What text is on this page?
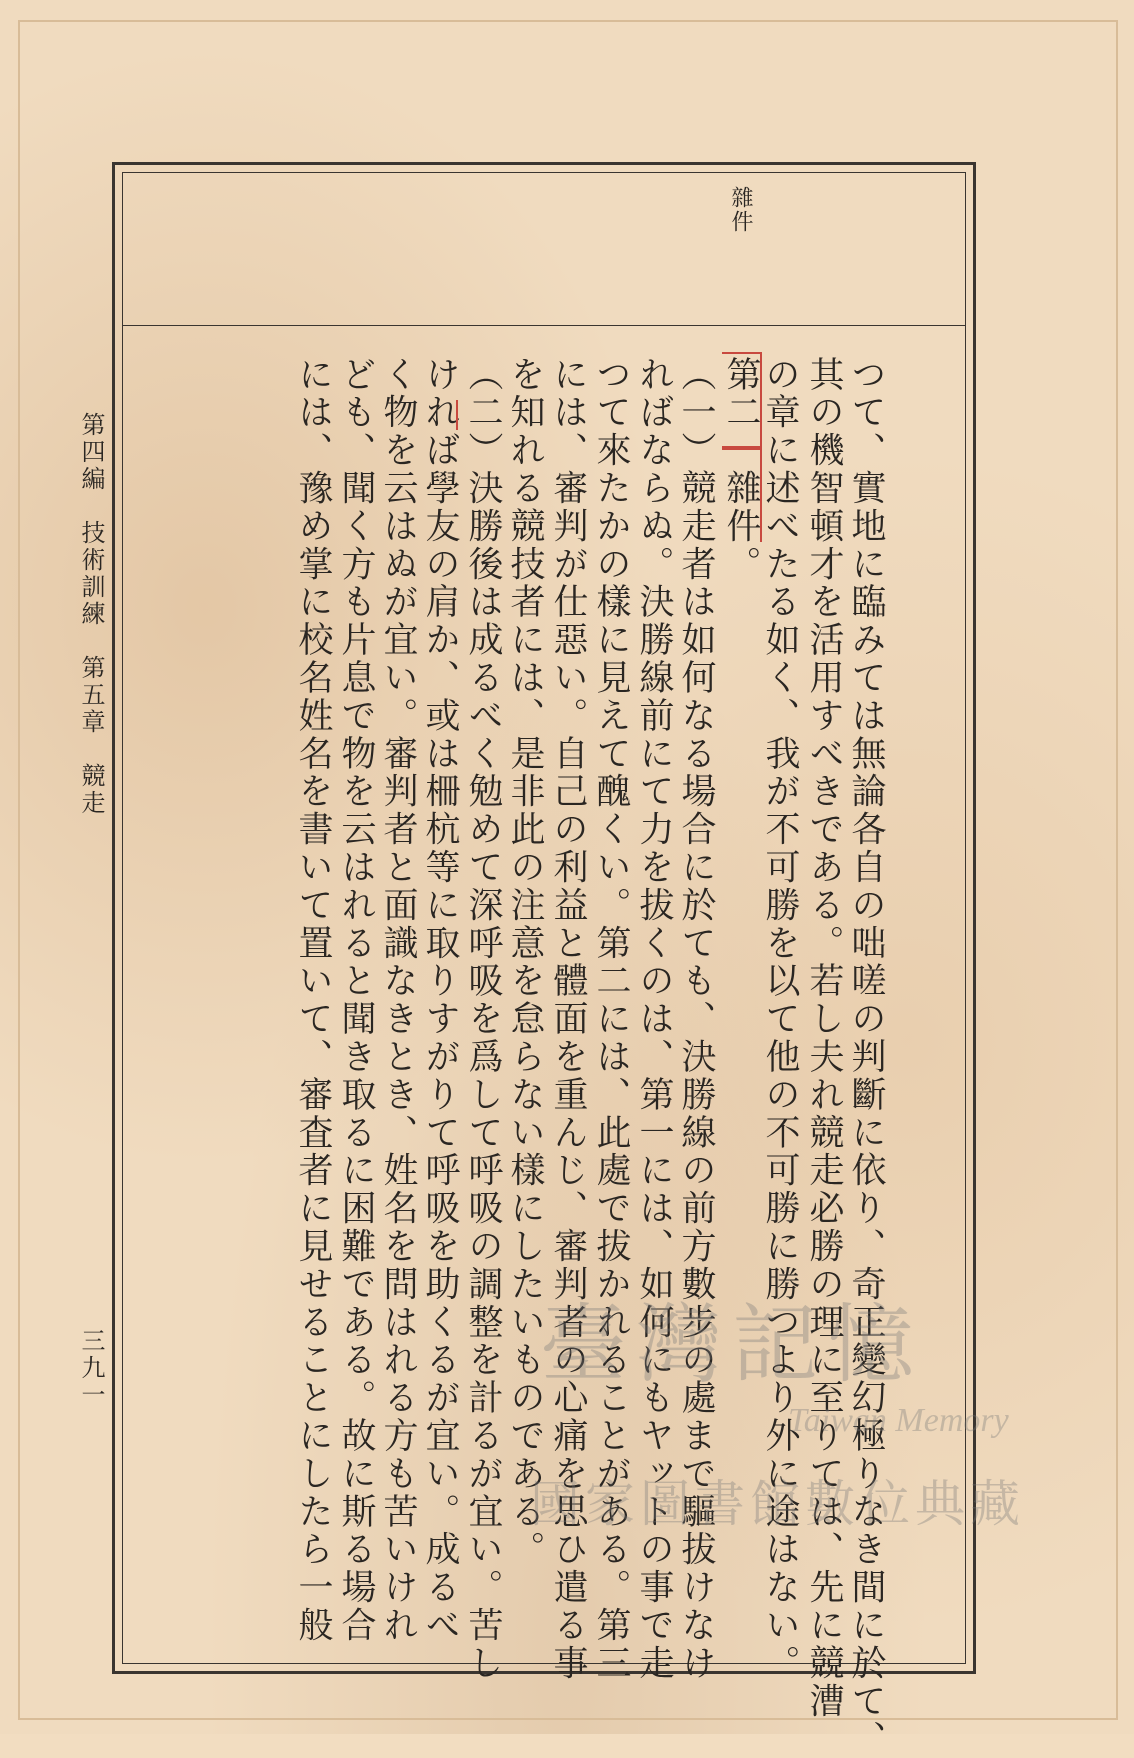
雜件
つて、實地に臨みては無論各自の咄嗟の判斷に依り、奇正變幻極りなき間に於て、
其の機智頓才を活用すべきである。若し夫れ競走必勝の理に至りては、先に競漕
の章に述べたる如く、我が不可勝を以て他の不可勝に勝つより外に途はない。
第二　雜件。
（一）競走者は如何なる場合に於ても、決勝線の前方數步の處まで驅拔けなけ
ればならぬ。決勝線前にて力を拔くのは、第一には、如何にもヤットの事で走
つて來たかの樣に見えて醜くい。第二には、此處で拔かれることがある。第三
には、審判が仕惡い。自己の利益と體面を重んじ、審判者の心痛を思ひ遣る事
を知れる競技者には、是非此の注意を怠らない樣にしたいものである。
（二）決勝後は成るべく勉めて深呼吸を爲して呼吸の調整を計るが宜い。苦し
ければ學友の肩か、或は柵杭等に取りすがりて呼吸を助くるが宜い。成るべ
く物を云はぬが宜い。審判者と面識なきとき、姓名を問はれる方も苦いけれ
ども、聞く方も片息で物を云はれると聞き取るに困難である。故に斯る場合
には、豫め掌に校名姓名を書いて置いて、審査者に見せることにしたら一般
第四編　技術訓練　第五章　競走
三九一	臺灣記憶
Taiwan Memory
國家圖書館數位典藏
